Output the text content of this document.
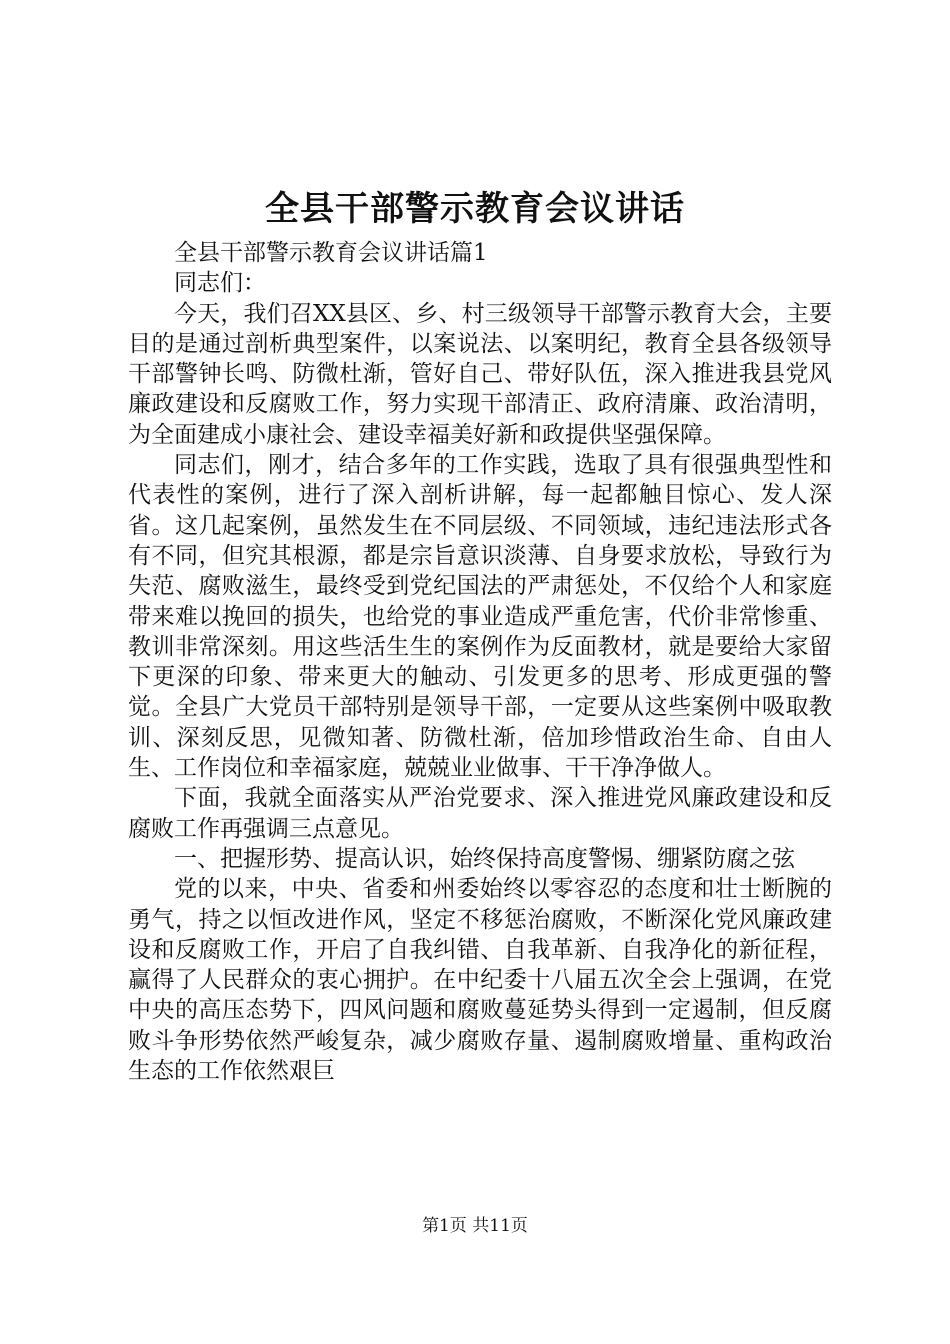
全县干部警示教育会议讲话

全县干部警示教育会议讲话篇1

同志们：

今天，我们召XX县区、乡、村三级领导干部警示教育大会，主要目的是通过剖析典型案件，以案说法、以案明纪，教育全县各级领导干部警钟长鸣、防微杜渐，管好自己、带好队伍，深入推进我县党风廉政建设和反腐败工作，努力实现干部清正、政府清廉、政治清明，为全面建成小康社会、建设幸福美好新和政提供坚强保障。

同志们，刚才，结合多年的工作实践，选取了具有很强典型性和代表性的案例，进行了深入剖析讲解，每一起都触目惊心、发人深省。这几起案例，虽然发生在不同层级、不同领域，违纪违法形式各有不同，但究其根源，都是宗旨意识淡薄、自身要求放松，导致行为失范、腐败滋生，最终受到党纪国法的严肃惩处，不仅给个人和家庭带来难以挽回的损失，也给党的事业造成严重危害，代价非常惨重、教训非常深刻。用这些活生生的案例作为反面教材，就是要给大家留下更深的印象、带来更大的触动、引发更多的思考、形成更强的警觉。全县广大党员干部特别是领导干部，一定要从这些案例中吸取教训、深刻反思，见微知著、防微杜渐，倍加珍惜政治生命、自由人生、工作岗位和幸福家庭，兢兢业业做事、干干净净做人。

下面，我就全面落实从严治党要求、深入推进党风廉政建设和反腐败工作再强调三点意见。

一、把握形势、提高认识，始终保持高度警惕、绷紧防腐之弦

党的以来，中央、省委和州委始终以零容忍的态度和壮士断腕的勇气，持之以恒改进作风，坚定不移惩治腐败，不断深化党风廉政建设和反腐败工作，开启了自我纠错、自我革新、自我净化的新征程，赢得了人民群众的衷心拥护。在中纪委十八届五次全会上强调，在党中央的高压态势下，四风问题和腐败蔓延势头得到一定遏制，但反腐败斗争形势依然严峻复杂，减少腐败存量、遏制腐败增量、重构政治生态的工作依然艰巨

第1页 共11页
